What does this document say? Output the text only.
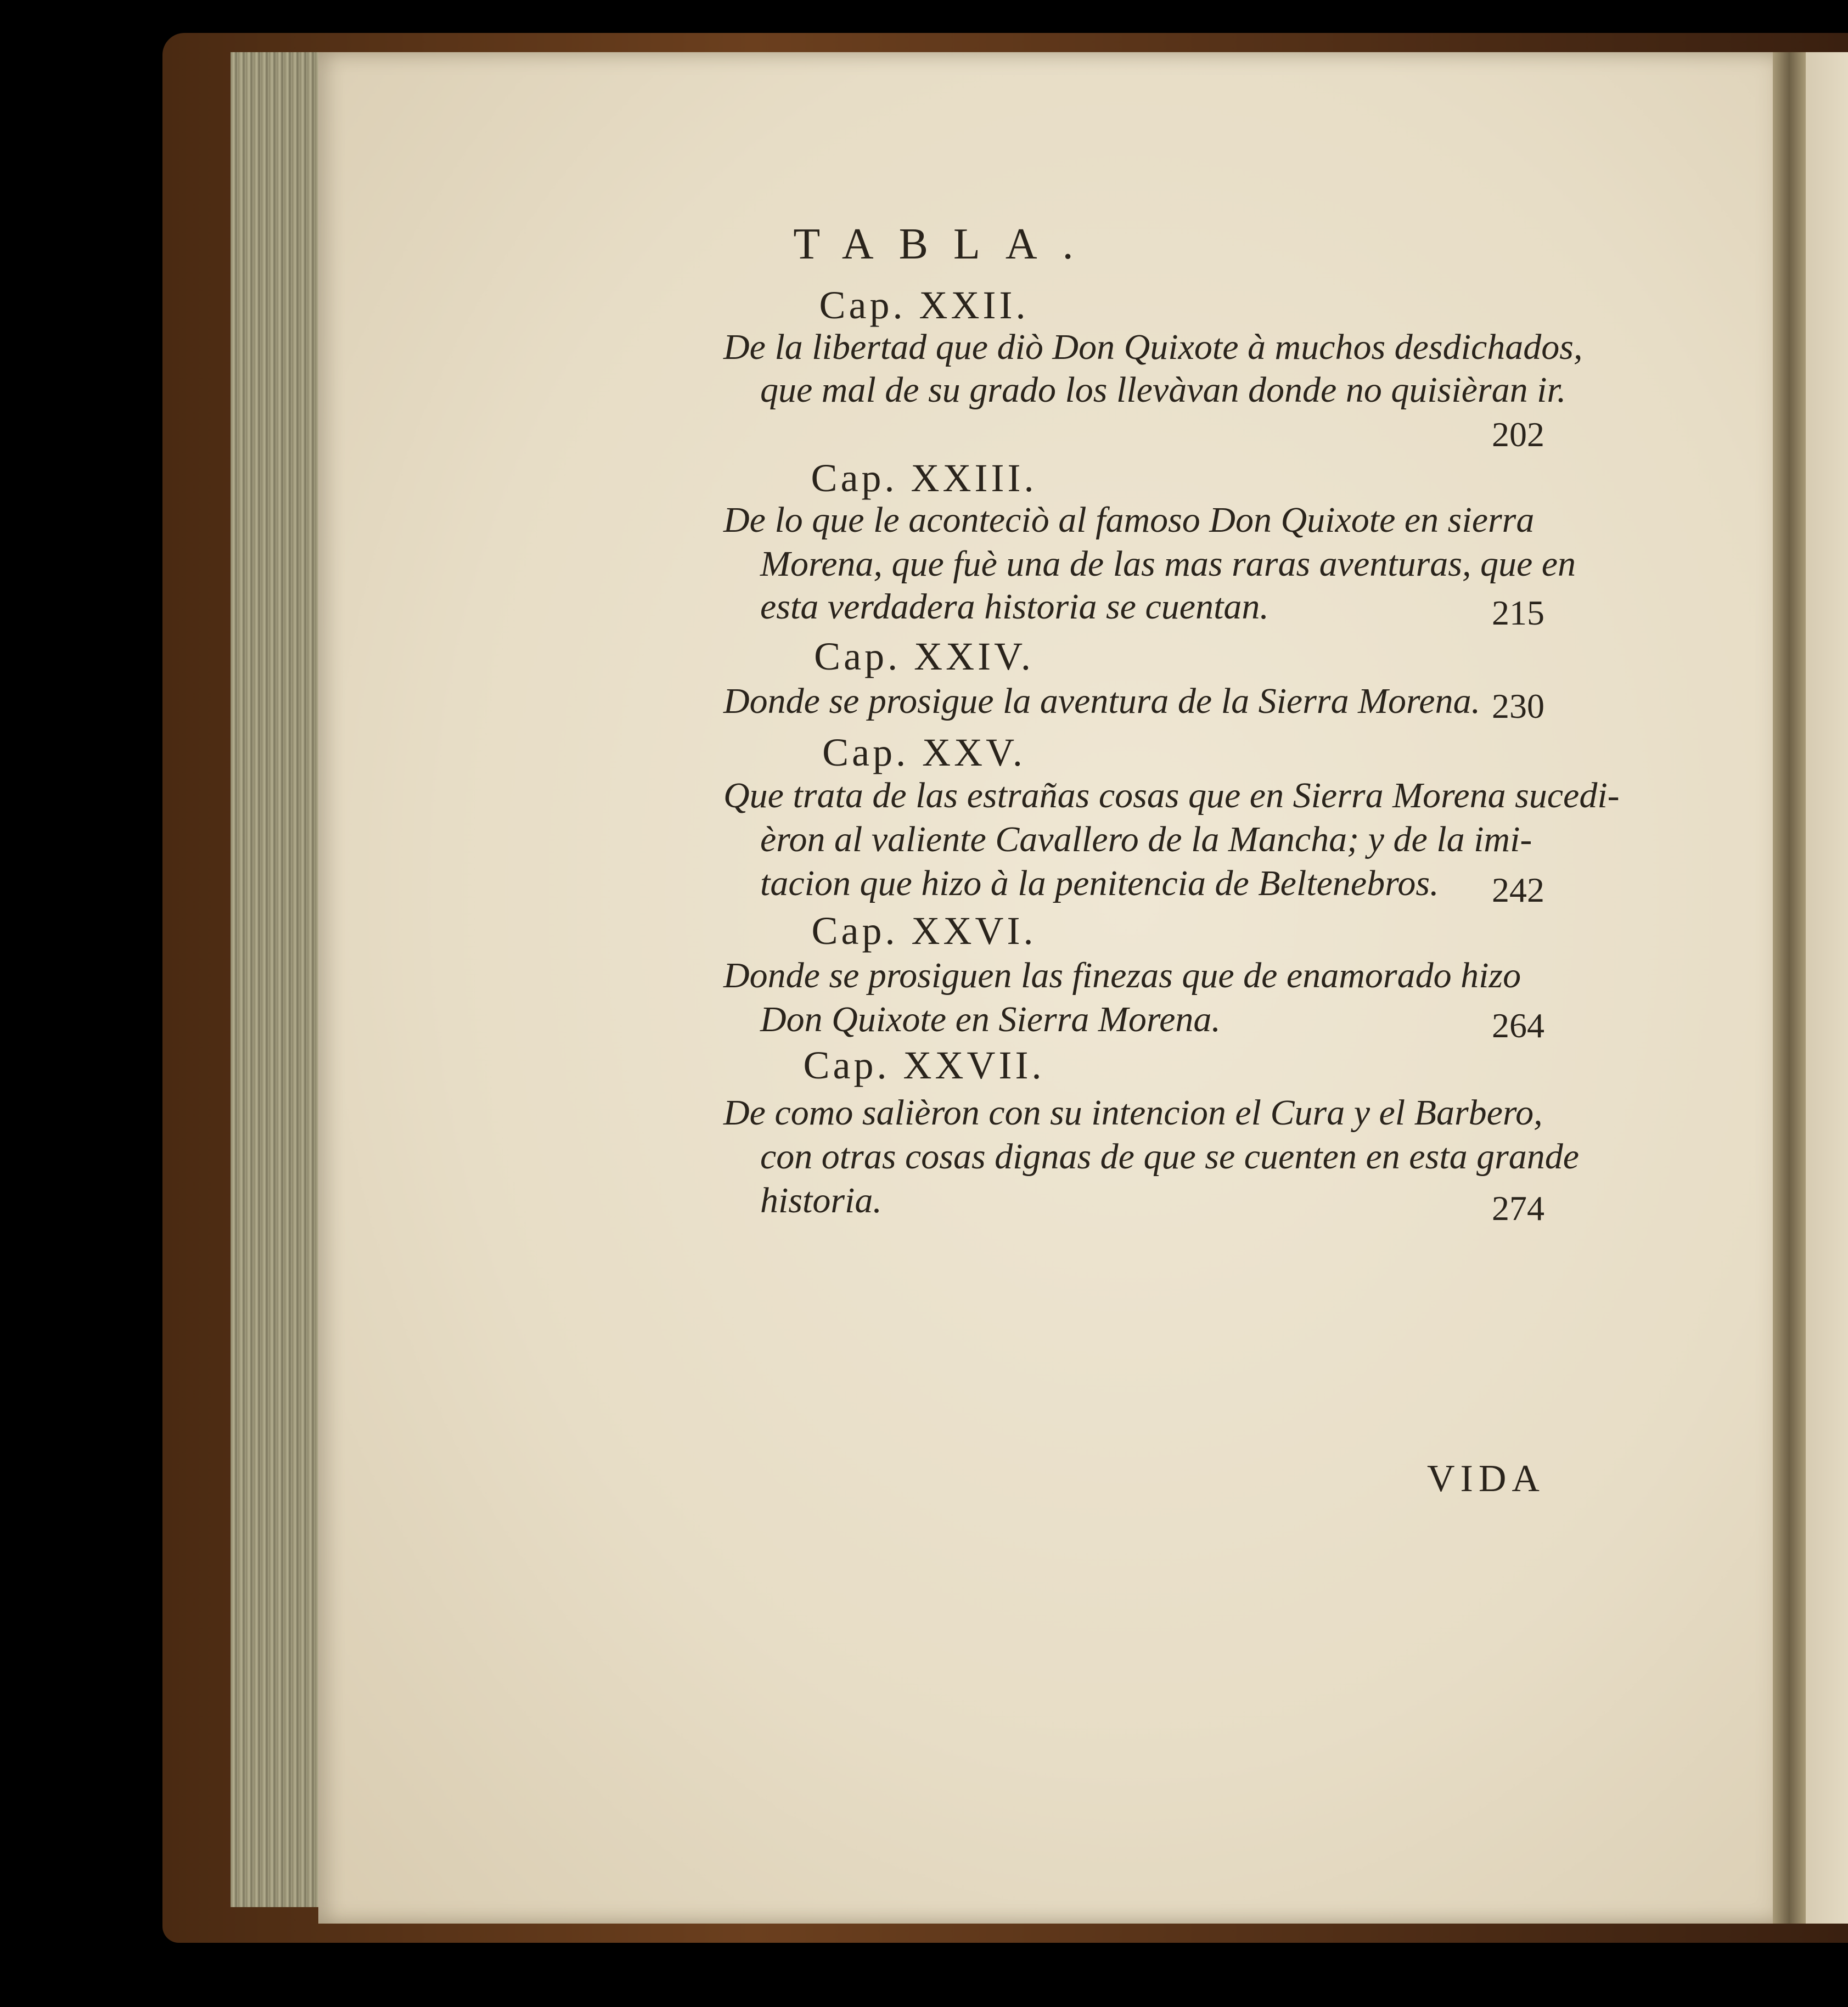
TABLA.
Cap. XXII.
De la libertad que diò Don Quixote à muchos desdichados,
que mal de su grado los llevàvan donde no quisièran ir.
202
Cap. XXIII.
De lo que le aconteciò al famoso Don Quixote en sierra
Morena, que fuè una de las mas raras aventuras, que en
esta verdadera historia se cuentan.	215
Cap. XXIV.
Donde se prosigue la aventura de la Sierra Morena. 230
Cap. XXV.
Que trata de las estrañas cosas que en Sierra Morena sucedi-
èron al valiente Cavallero de la Mancha; y de la imi-
tacion que hizo à la penitencia de Beltenebros. 242
Cap. XXVI.
Donde se prosiguen las finezas que de enamorado hizo
Don Quixote en Sierra Morena.	264
Cap. XXVII.
De como salièron con su intencion el Cura y el Barbero,
con otras cosas dignas de que se cuenten en esta grande
historia.	274
VIDA
